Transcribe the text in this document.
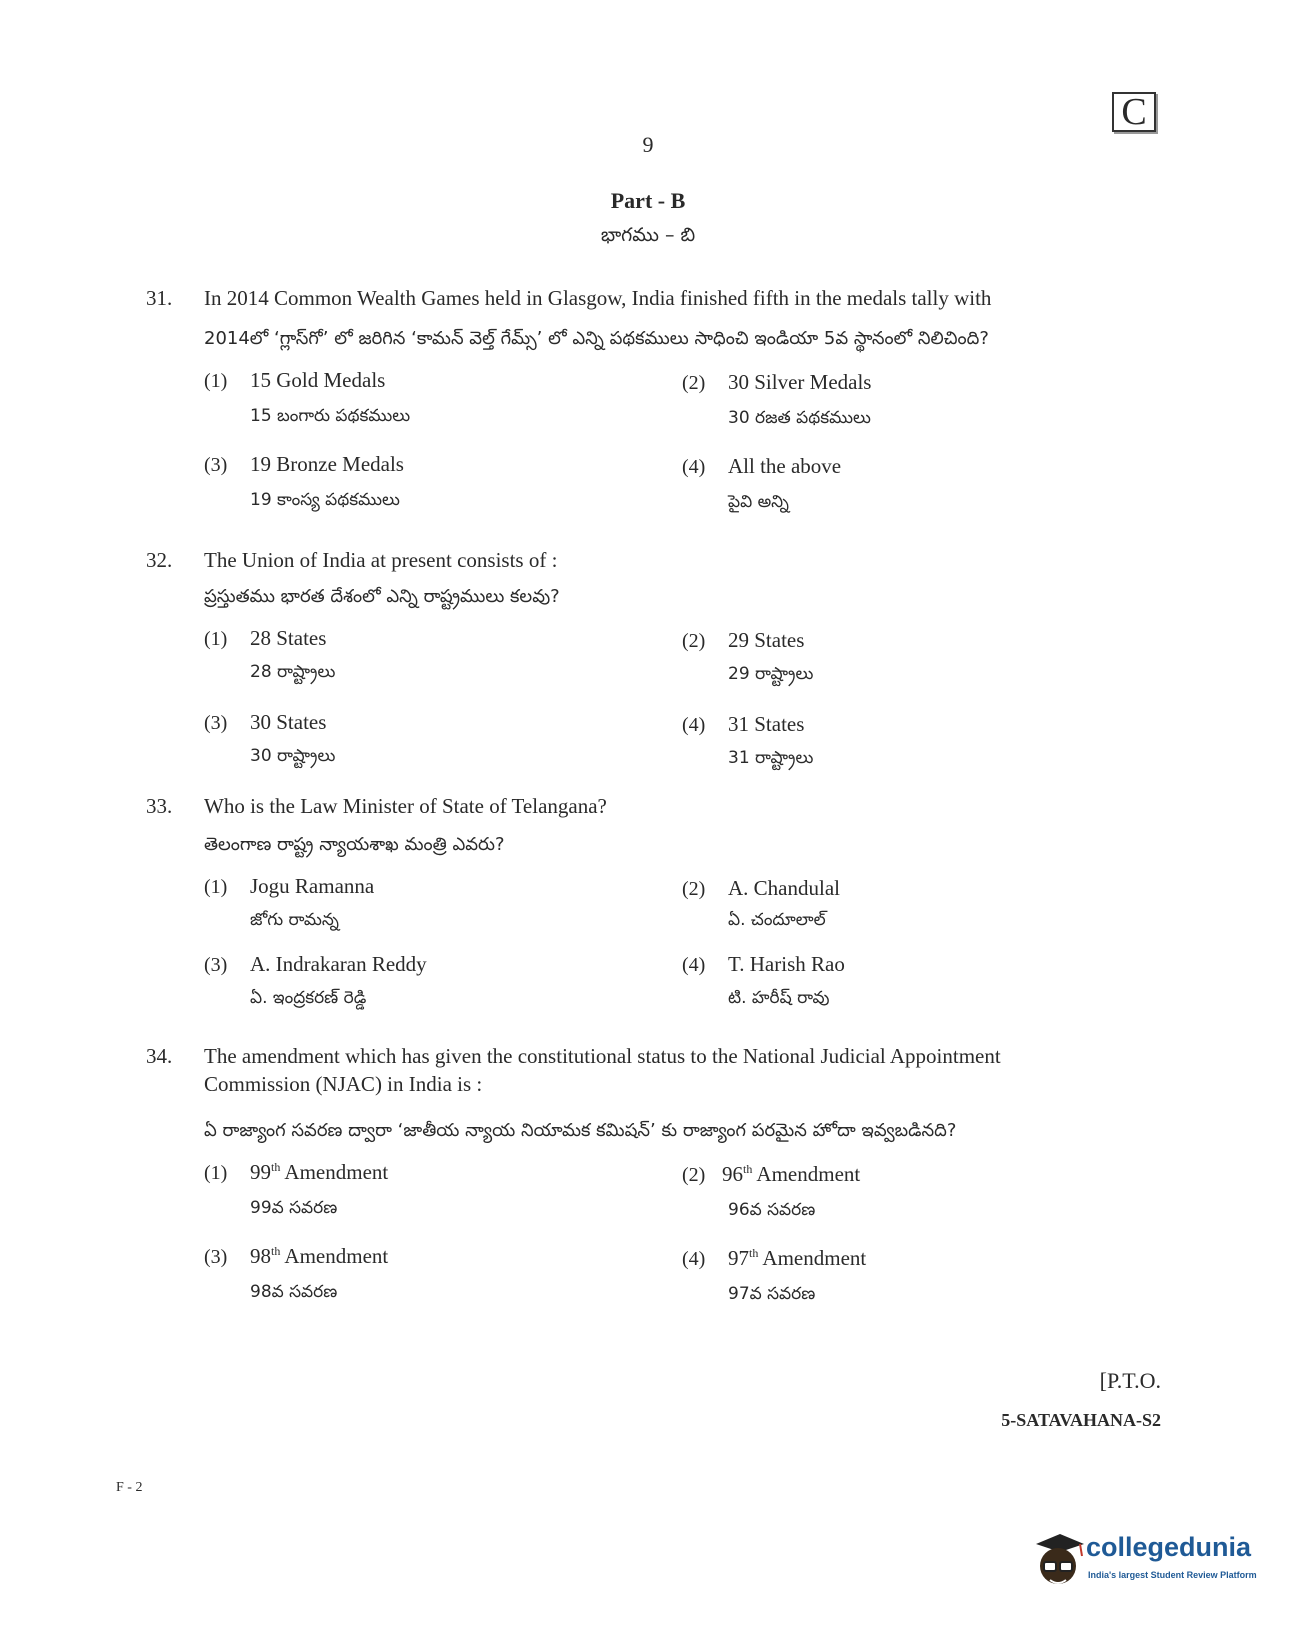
C
9
Part - B
భాగము – బి
31. In 2014 Common Wealth Games held in Glasgow, India finished fifth in the medals tally with
2014లో ‘గ్లాస్‌గో’ లో జరిగిన ‘కామన్ వెల్త్ గేమ్స్’ లో ఎన్ని పథకములు సాధించి ఇండియా 5వ స్థానంలో నిలిచింది?
(1) 15 Gold Medals
15 బంగారు పథకములు
(2) 30 Silver Medals
30 రజత పథకములు
(3) 19 Bronze Medals
19 కాంస్య పథకములు
(4) All the above
పైవి అన్ని
32. The Union of India at present consists of :
ప్రస్తుతము భారత దేశంలో ఎన్ని రాష్ట్రములు కలవు?
(1) 28 States
28 రాష్ట్రాలు
(2) 29 States
29 రాష్ట్రాలు
(3) 30 States
30 రాష్ట్రాలు
(4) 31 States
31 రాష్ట్రాలు
33. Who is the Law Minister of State of Telangana?
తెలంగాణ రాష్ట్ర న్యాయశాఖ మంత్రి ఎవరు?
(1) Jogu Ramanna
జోగు రామన్న
(2) A. Chandulal
ఏ. చందూలాల్
(3) A. Indrakaran Reddy
ఏ. ఇంద్రకరణ్ రెడ్డి
(4) T. Harish Rao
టి. హరీష్ రావు
34. The amendment which has given the constitutional status to the National Judicial Appointment
Commission (NJAC) in India is :
ఏ రాజ్యాంగ సవరణ ద్వారా ‘జాతీయ న్యాయ నియామక కమిషన్’ కు రాజ్యాంగ పరమైన హోదా ఇవ్వబడినది?
(1) 99th Amendment
99వ సవరణ
(2) 96th Amendment
96వ సవరణ
(3) 98th Amendment
98వ సవరణ
(4) 97th Amendment
97వ సవరణ
[P.T.O.
5-SATAVAHANA-S2
F - 2
collegedunia
India's largest Student Review Platform
